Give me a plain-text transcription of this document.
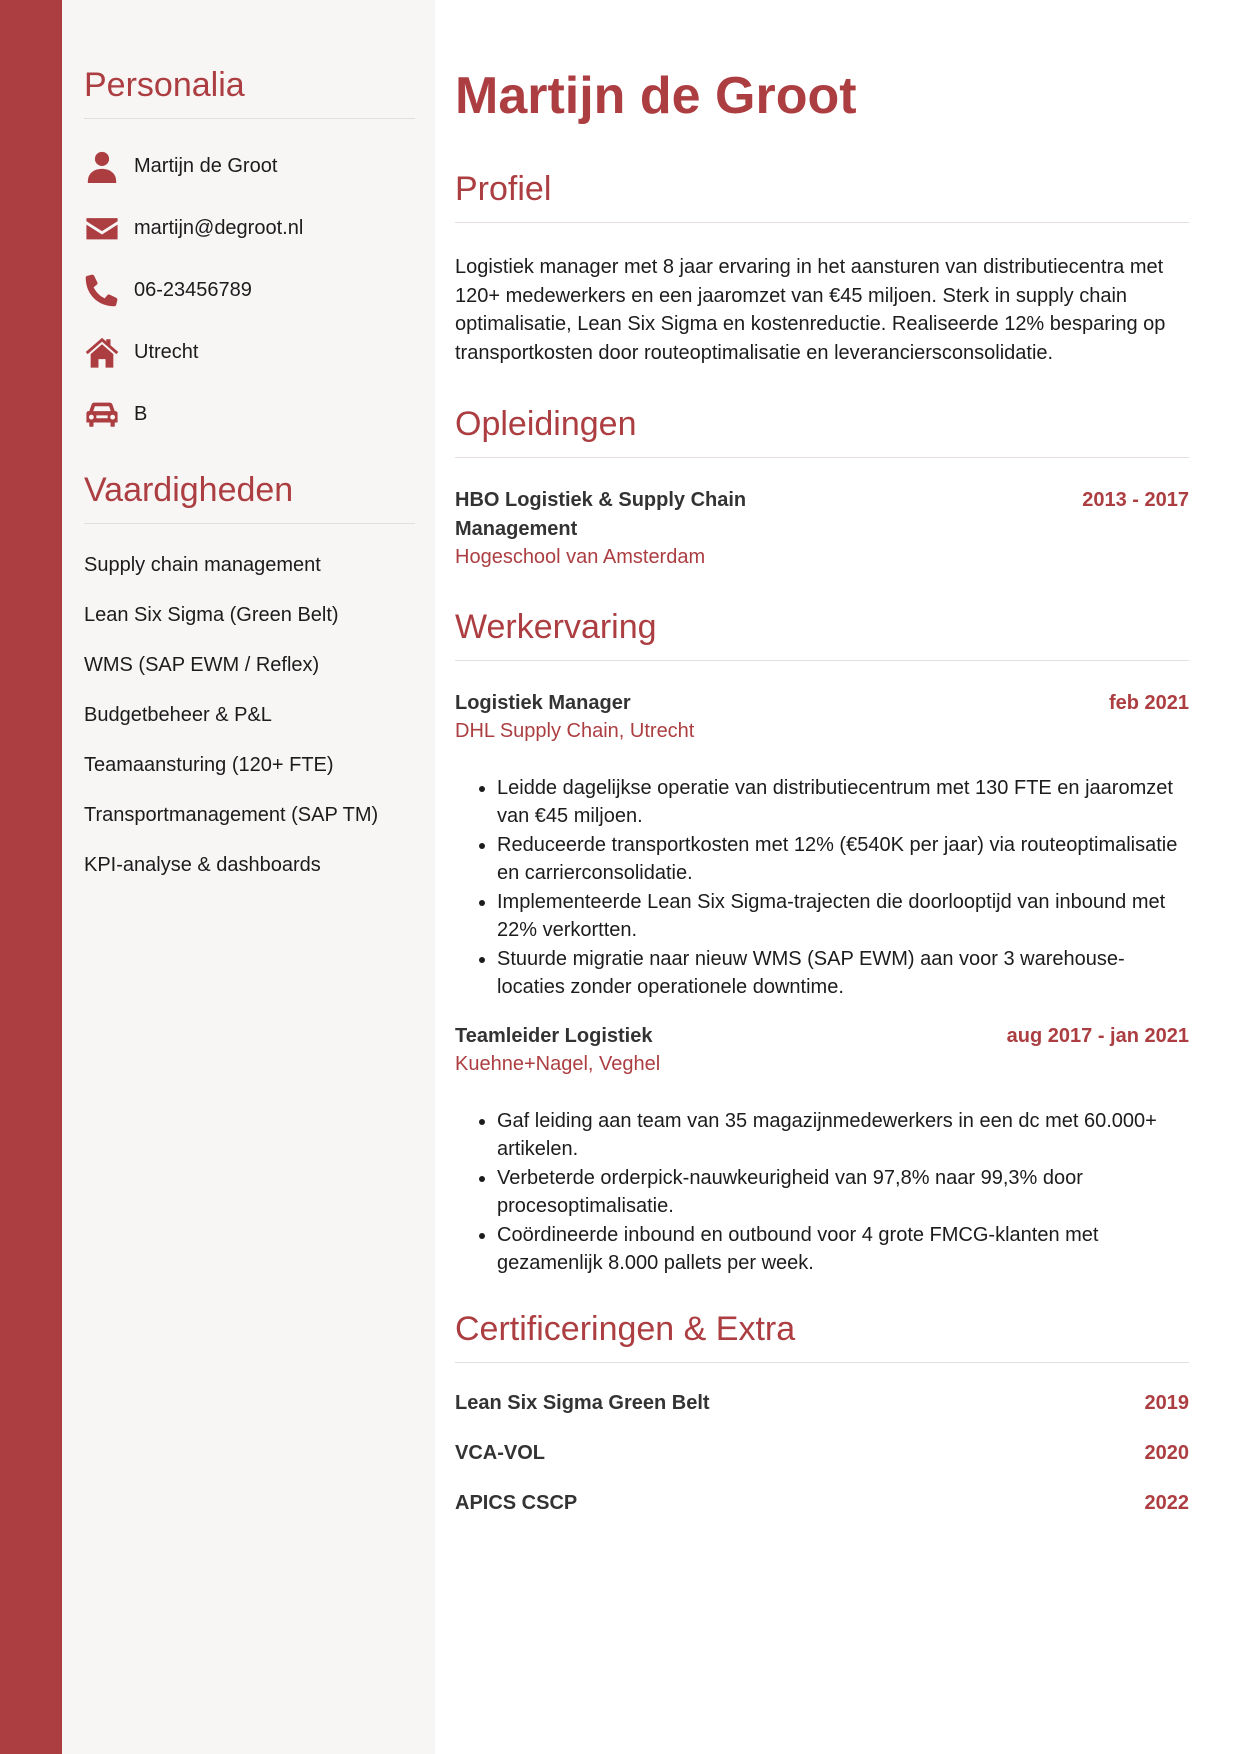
Personalia
Martijn de Groot
martijn@degroot.nl
06-23456789
Utrecht
B
Vaardigheden
Supply chain management
Lean Six Sigma (Green Belt)
WMS (SAP EWM / Reflex)
Budgetbeheer & P&L
Teamaansturing (120+ FTE)
Transportmanagement (SAP TM)
KPI-analyse & dashboards
Martijn de Groot
Profiel

Logistiek manager met 8 jaar ervaring in het aansturen van distributiecentra met 120+ medewerkers en een jaaromzet van €45 miljoen. Sterk in supply chain optimalisatie, Lean Six Sigma en kostenreductie. Realiseerde 12% besparing op transportkosten door routeoptimalisatie en leveranciersconsolidatie.

Opleidingen
HBO Logistiek & Supply Chain Management
2013 - 2017
Hogeschool van Amsterdam
Werkervaring
Logistiek Manager	feb 2021
DHL Supply Chain, Utrecht
• Leidde dagelijkse operatie van distributiecentrum met 130 FTE en jaaromzet van €45 miljoen.
• Reduceerde transportkosten met 12% (€540K per jaar) via routeoptimalisatie en carrierconsolidatie.
• Implementeerde Lean Six Sigma-trajecten die doorlooptijd van inbound met 22% verkortten.
• Stuurde migratie naar nieuw WMS (SAP EWM) aan voor 3 warehouse-locaties zonder operationele downtime.
Teamleider Logistiek	aug 2017 - jan 2021
Kuehne+Nagel, Veghel
• Gaf leiding aan team van 35 magazijnmedewerkers in een dc met 60.000+ artikelen.
• Verbeterde orderpick-nauwkeurigheid van 97,8% naar 99,3% door procesoptimalisatie.
• Coördineerde inbound en outbound voor 4 grote FMCG-klanten met gezamenlijk 8.000 pallets per week.
Certificeringen & Extra
Lean Six Sigma Green Belt	2019
VCA-VOL	2020
APICS CSCP	2022
